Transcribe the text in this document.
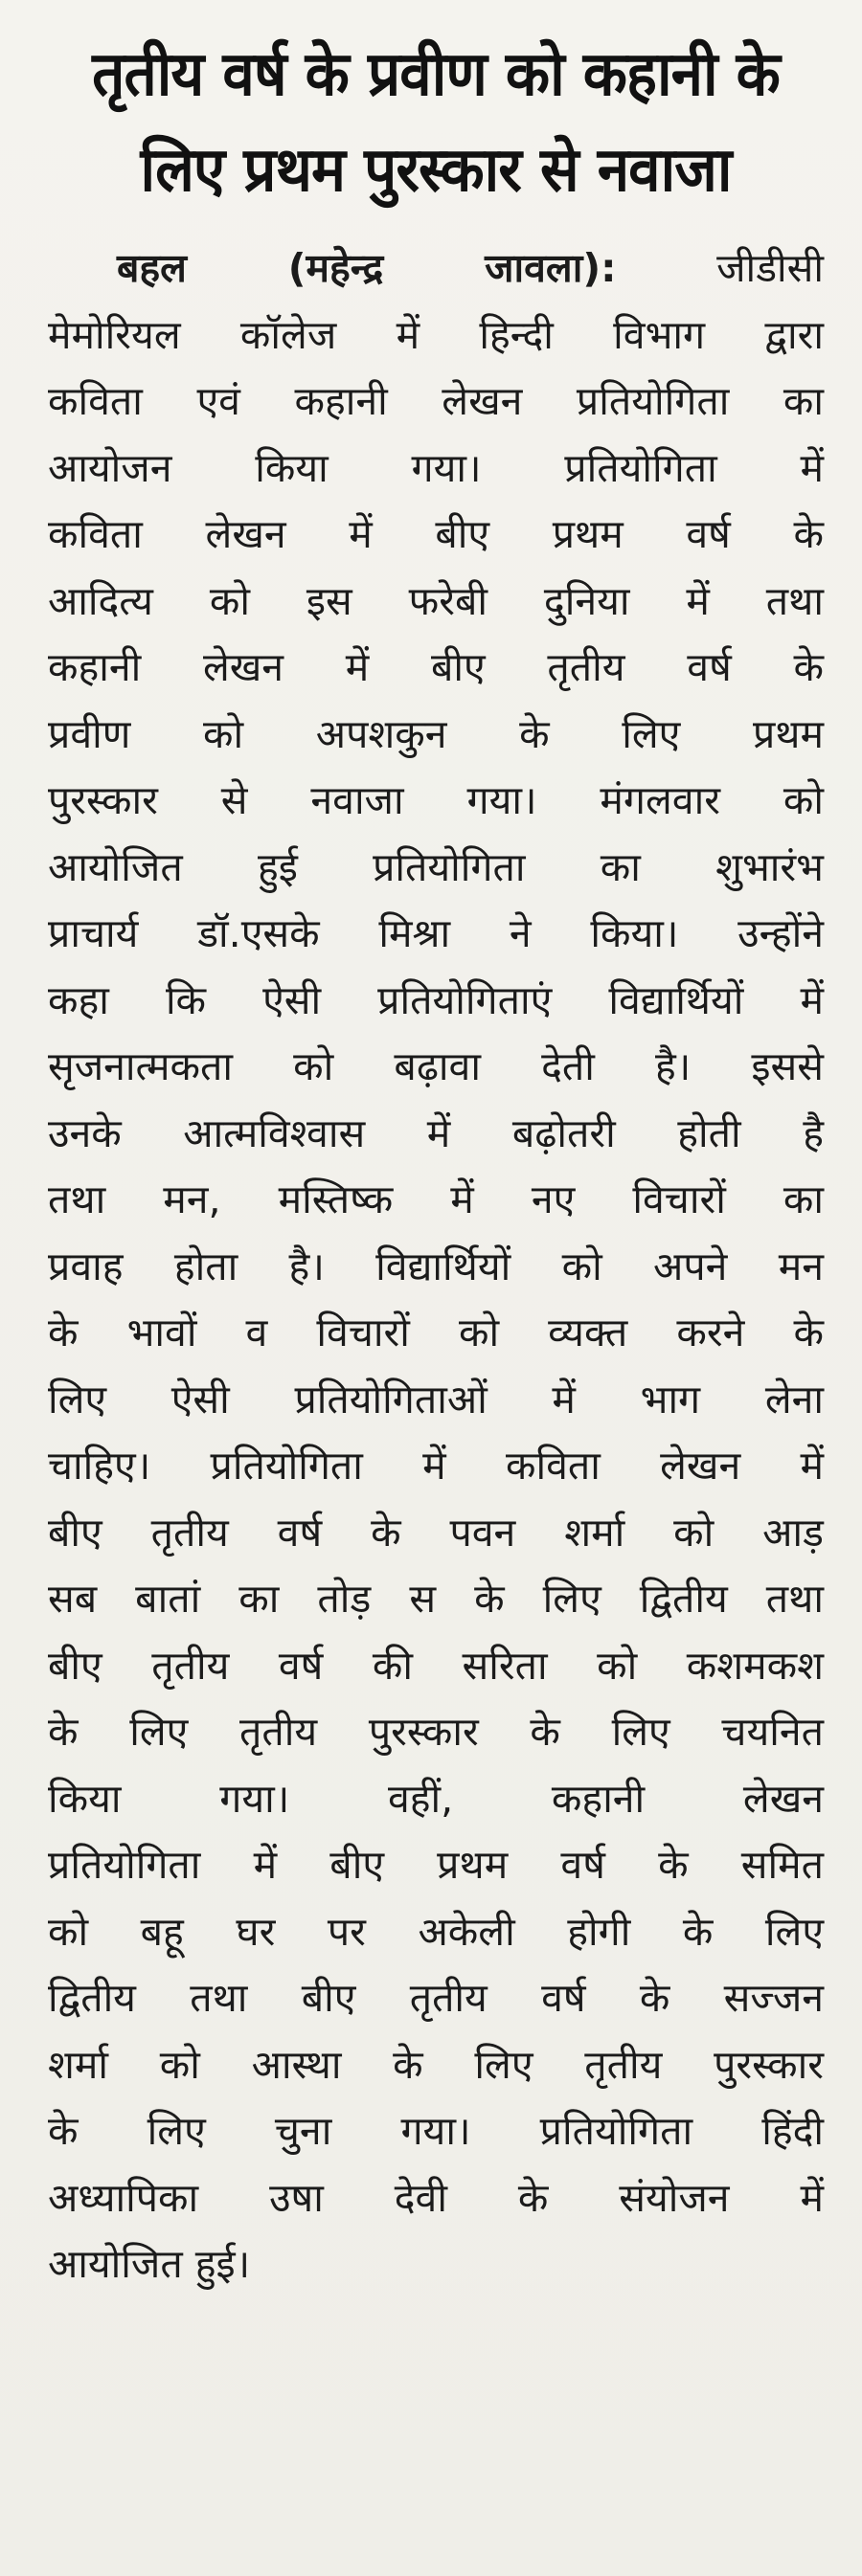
तृतीय वर्ष के प्रवीण को कहानी के
लिए प्रथम पुरस्कार से नवाजा
बहल (महेन्द्र जावला): जीडीसी
मेमोरियल कॉलेज में हिन्दी विभाग द्वारा
कविता एवं कहानी लेखन प्रतियोगिता का
आयोजन किया गया। प्रतियोगिता में
कविता लेखन में बीए प्रथम वर्ष के
आदित्य को इस फरेबी दुनिया में तथा
कहानी लेखन में बीए तृतीय वर्ष के
प्रवीण को अपशकुन के लिए प्रथम
पुरस्कार से नवाजा गया। मंगलवार को
आयोजित हुई प्रतियोगिता का शुभारंभ
प्राचार्य डॉ.एसके मिश्रा ने किया। उन्होंने
कहा कि ऐसी प्रतियोगिताएं विद्यार्थियों में
सृजनात्मकता को बढ़ावा देती है। इससे
उनके आत्मविश्वास में बढ़ोतरी होती है
तथा मन, मस्तिष्क में नए विचारों का
प्रवाह होता है। विद्यार्थियों को अपने मन
के भावों व विचारों को व्यक्त करने के
लिए ऐसी प्रतियोगिताओं में भाग लेना
चाहिए। प्रतियोगिता में कविता लेखन में
बीए तृतीय वर्ष के पवन शर्मा को आड़
सब बातां का तोड़ स के लिए द्वितीय तथा
बीए तृतीय वर्ष की सरिता को कशमकश
के लिए तृतीय पुरस्कार के लिए चयनित
किया गया। वहीं, कहानी लेखन
प्रतियोगिता में बीए प्रथम वर्ष के समित
को बहू घर पर अकेली होगी के लिए
द्वितीय तथा बीए तृतीय वर्ष के सज्जन
शर्मा को आस्था के लिए तृतीय पुरस्कार
के लिए चुना गया। प्रतियोगिता हिंदी
अध्यापिका उषा देवी के संयोजन में
आयोजित हुई।
